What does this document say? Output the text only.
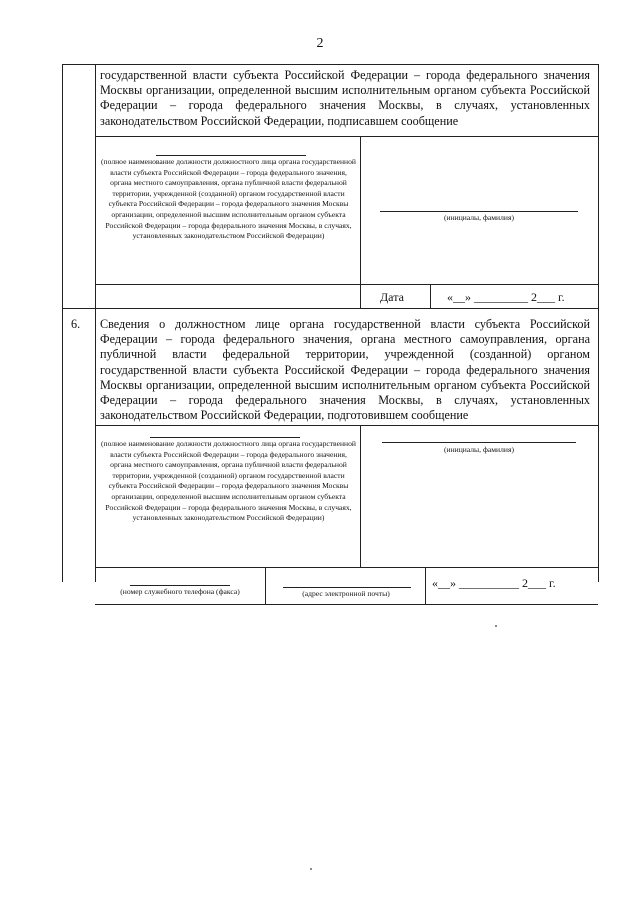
2
государственной власти субъекта Российской Федерации – города федерального значения Москвы организации, определенной высшим исполнительным органом субъекта Российской Федерации – города федерального значения Москвы, в случаях, установленных законодательством Российской Федерации, подписавшем сообщение
(полное наименование должности должностного лица органа государственной власти субъекта Российской Федерации – города федерального значения, органа местного самоуправления, органа публичной власти федеральной территории, учрежденной (созданной) органом государственной власти субъекта Российской Федерации – города федерального значения Москвы организации, определенной высшим исполнительным органом субъекта Российской Федерации – города федерального значения Москвы, в случаях, установленных законодательством Российской Федерации)
(инициалы, фамилия)
Дата	«__» _________ 2___ г.
6. Сведения о должностном лице органа государственной власти субъекта Российской Федерации – города федерального значения, органа местного самоуправления, органа публичной власти федеральной территории, учрежденной (созданной) органом государственной власти субъекта Российской Федерации – города федерального значения Москвы организации, определенной высшим исполнительным органом субъекта Российской Федерации – города федерального значения Москвы, в случаях, установленных законодательством Российской Федерации, подготовившем сообщение
(полное наименование должности должностного лица органа государственной власти субъекта Российской Федерации – города федерального значения, органа местного самоуправления, органа публичной власти федеральной территории, учрежденной (созданной) органом государственной власти субъекта Российской Федерации – города федерального значения Москвы организации, определенной высшим исполнительным органом субъекта Российской Федерации – города федерального значения Москвы, в случаях, установленных законодательством Российской Федерации)
(инициалы, фамилия)
(номер служебного телефона (факса)	(адрес электронной почты)
«__» __________ 2___ г.
